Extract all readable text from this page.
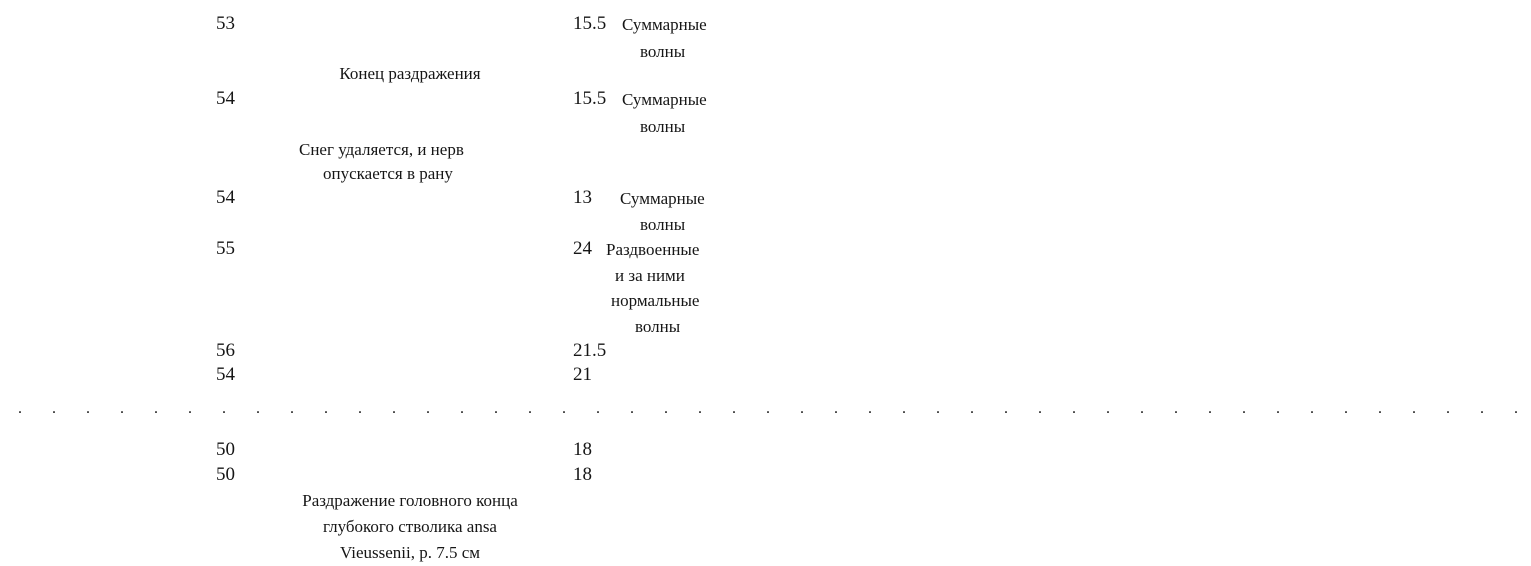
53	15.5 Суммарные
волны
Конец раздражения
54	15.5 Суммарные
волны
Снег удаляется, и нерв
опускается в рану
54	13 Суммарные
волны
55	24 Раздвоенные
и за ними
нормальные
волны
56	21.5
54	21
. . . . . . . . . . . . . . . . . . . . . . . . . . . . . . . . . . . . . . . . . . . . .
50	18
50	18
Раздражение головного конца
глубокого стволика ansa
Vieussenii, р. 7.5 см
